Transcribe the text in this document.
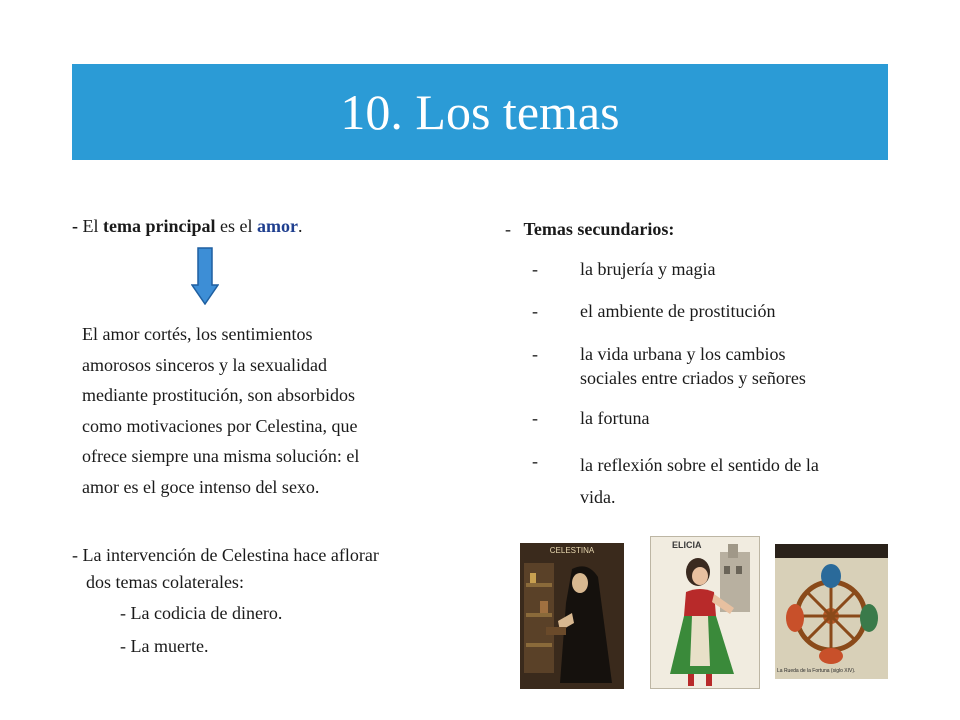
10. Los temas
- El tema principal es el amor.
El amor cortés, los sentimientos
amorosos sinceros y la sexualidad
mediante prostitución, son absorbidos
como motivaciones por Celestina, que
ofrece siempre una misma solución: el
amor es el goce intenso del sexo.
- La intervención de Celestina hace aflorar
dos temas colaterales:
- La codicia de dinero.
- La muerte.
- Temas secundarios:
- la brujería y magia
- el ambiente de prostitución
- la vida urbana y los cambios
sociales entre criados y señores
- la fortuna
- la reflexión sobre el sentido de la
vida.
CELESTINA
ELICIA
La Rueda de la Fortuna (siglo XIV).
